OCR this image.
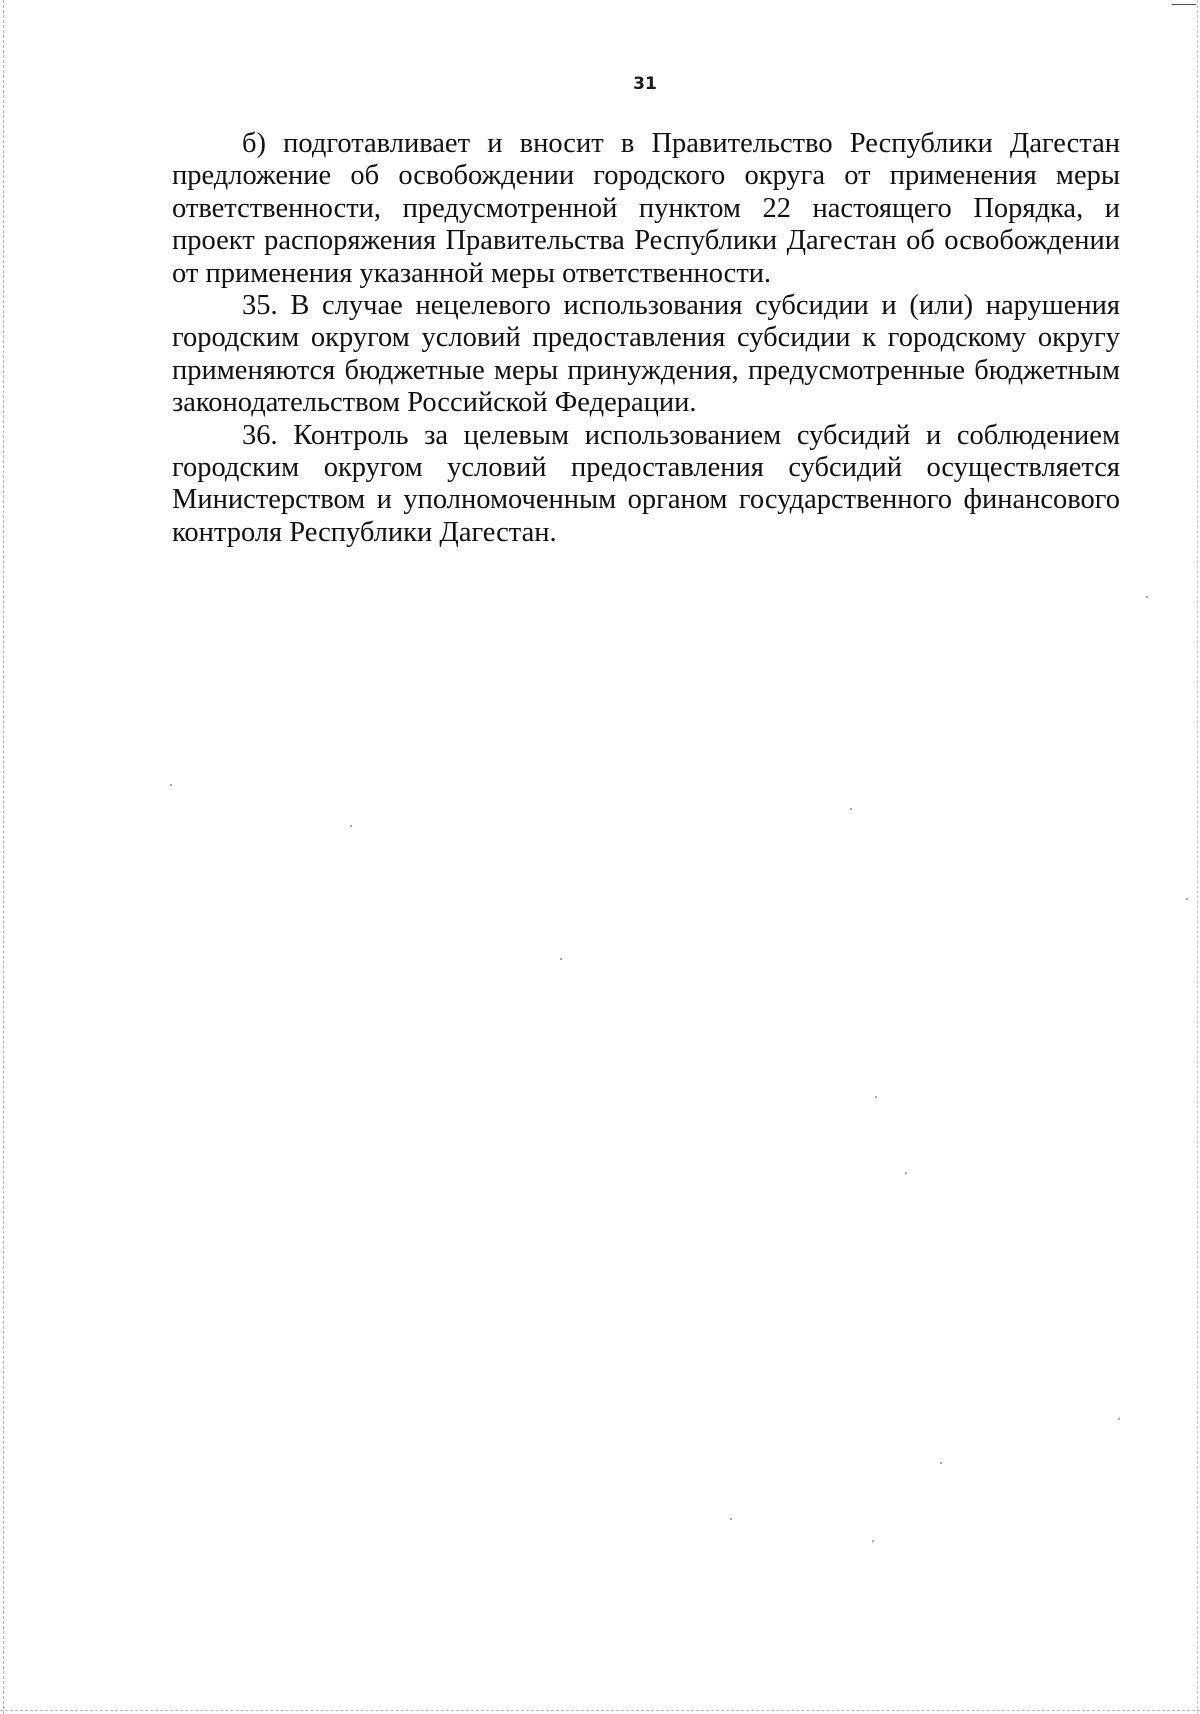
31

б) подготавливает и вносит в Правительство Республики Дагестан предложение об освобождении городского округа от применения меры ответственности, предусмотренной пунктом 22 настоящего Порядка, и проект распоряжения Правительства Республики Дагестан об освобождении от применения указанной меры ответственности.

35. В случае нецелевого использования субсидии и (или) нарушения городским округом условий предоставления субсидии к городскому округу применяются бюджетные меры принуждения, предусмотренные бюджетным законодательством Российской Федерации.

36. Контроль за целевым использованием субсидий и соблюдением городским округом условий предоставления субсидий осуществляется Министерством и уполномоченным органом государственного финансового контроля Республики Дагестан.
